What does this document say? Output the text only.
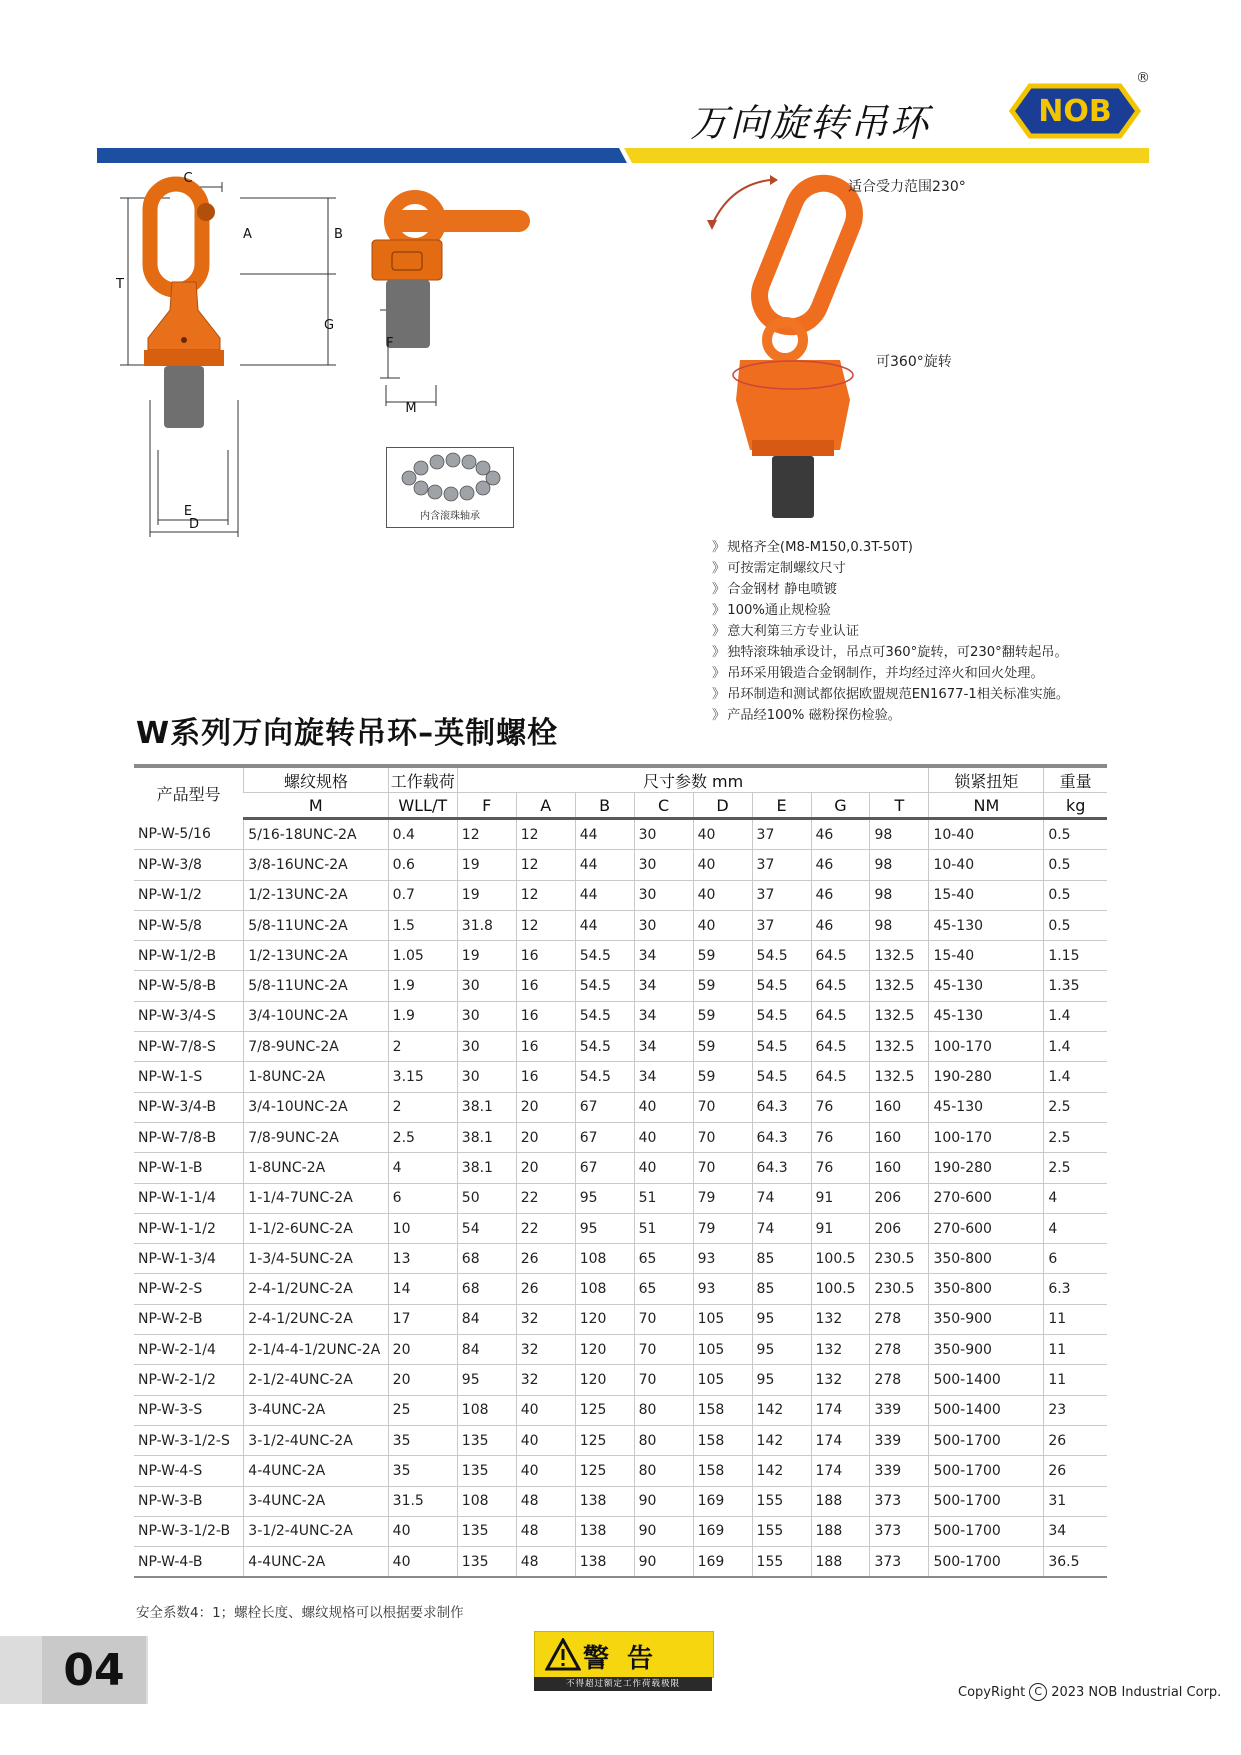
万向旋转吊环	NOB
®
C
A	B
T
G
E
D
F
M
内含滚珠轴承
适合受力范围230°
可360°旋转
》 规格齐全(M8-M150,0.3T-50T)
》 可按需定制螺纹尺寸
》 合金钢材 静电喷镀
》 100%通止规检验
》 意大利第三方专业认证
》 独特滚珠轴承设计，吊点可360°旋转，可230°翻转起吊。
》 吊环采用锻造合金钢制作，并均经过淬火和回火处理。
》 吊环制造和测试都依据欧盟规范EN1677-1相关标准实施。
》 产品经100% 磁粉探伤检验。
W系列万向旋转吊环–英制螺栓
产品型号	螺纹规格	工作载荷	尺寸参数 mm								锁紧扭矩	重量
	M	WLL/T	F	A	B	C	D	E	G	T	NM	kg
NP-W-5/16	5/16-18UNC-2A	0.4	12	12	44	30	40	37	46	98	10-40	0.5
NP-W-3/8	3/8-16UNC-2A	0.6	19	12	44	30	40	37	46	98	10-40	0.5
NP-W-1/2	1/2-13UNC-2A	0.7	19	12	44	30	40	37	46	98	15-40	0.5
NP-W-5/8	5/8-11UNC-2A	1.5	31.8	12	44	30	40	37	46	98	45-130	0.5
NP-W-1/2-B	1/2-13UNC-2A	1.05	19	16	54.5	34	59	54.5	64.5	132.5	15-40	1.15
NP-W-5/8-B	5/8-11UNC-2A	1.9	30	16	54.5	34	59	54.5	64.5	132.5	45-130	1.35
NP-W-3/4-S	3/4-10UNC-2A	1.9	30	16	54.5	34	59	54.5	64.5	132.5	45-130	1.4
NP-W-7/8-S	7/8-9UNC-2A	2	30	16	54.5	34	59	54.5	64.5	132.5	100-170	1.4
NP-W-1-S	1-8UNC-2A	3.15	30	16	54.5	34	59	54.5	64.5	132.5	190-280	1.4
NP-W-3/4-B	3/4-10UNC-2A	2	38.1	20	67	40	70	64.3	76	160	45-130	2.5
NP-W-7/8-B	7/8-9UNC-2A	2.5	38.1	20	67	40	70	64.3	76	160	100-170	2.5
NP-W-1-B	1-8UNC-2A	4	38.1	20	67	40	70	64.3	76	160	190-280	2.5
NP-W-1-1/4	1-1/4-7UNC-2A	6	50	22	95	51	79	74	91	206	270-600	4
NP-W-1-1/2	1-1/2-6UNC-2A	10	54	22	95	51	79	74	91	206	270-600	4
NP-W-1-3/4	1-3/4-5UNC-2A	13	68	26	108	65	93	85	100.5	230.5	350-800	6
NP-W-2-S	2-4-1/2UNC-2A	14	68	26	108	65	93	85	100.5	230.5	350-800	6.3
NP-W-2-B	2-4-1/2UNC-2A	17	84	32	120	70	105	95	132	278	350-900	11
NP-W-2-1/4	2-1/4-4-1/2UNC-2A	20	84	32	120	70	105	95	132	278	350-900	11
NP-W-2-1/2	2-1/2-4UNC-2A	20	95	32	120	70	105	95	132	278	500-1400	11
NP-W-3-S	3-4UNC-2A	25	108	40	125	80	158	142	174	339	500-1400	23
NP-W-3-1/2-S	3-1/2-4UNC-2A	35	135	40	125	80	158	142	174	339	500-1700	26
NP-W-4-S	4-4UNC-2A	35	135	40	125	80	158	142	174	339	500-1700	26
NP-W-3-B	3-4UNC-2A	31.5	108	48	138	90	169	155	188	373	500-1700	31
NP-W-3-1/2-B	3-1/2-4UNC-2A	40	135	48	138	90	169	155	188	373	500-1700	34
NP-W-4-B	4-4UNC-2A	40	135	48	138	90	169	155	188	373	500-1700	36.5
安全系数4：1；螺栓长度、螺纹规格可以根据要求制作
04	警告
不得超过额定工作荷载极限
CopyRight C 2023 NOB Industrial Corp.
